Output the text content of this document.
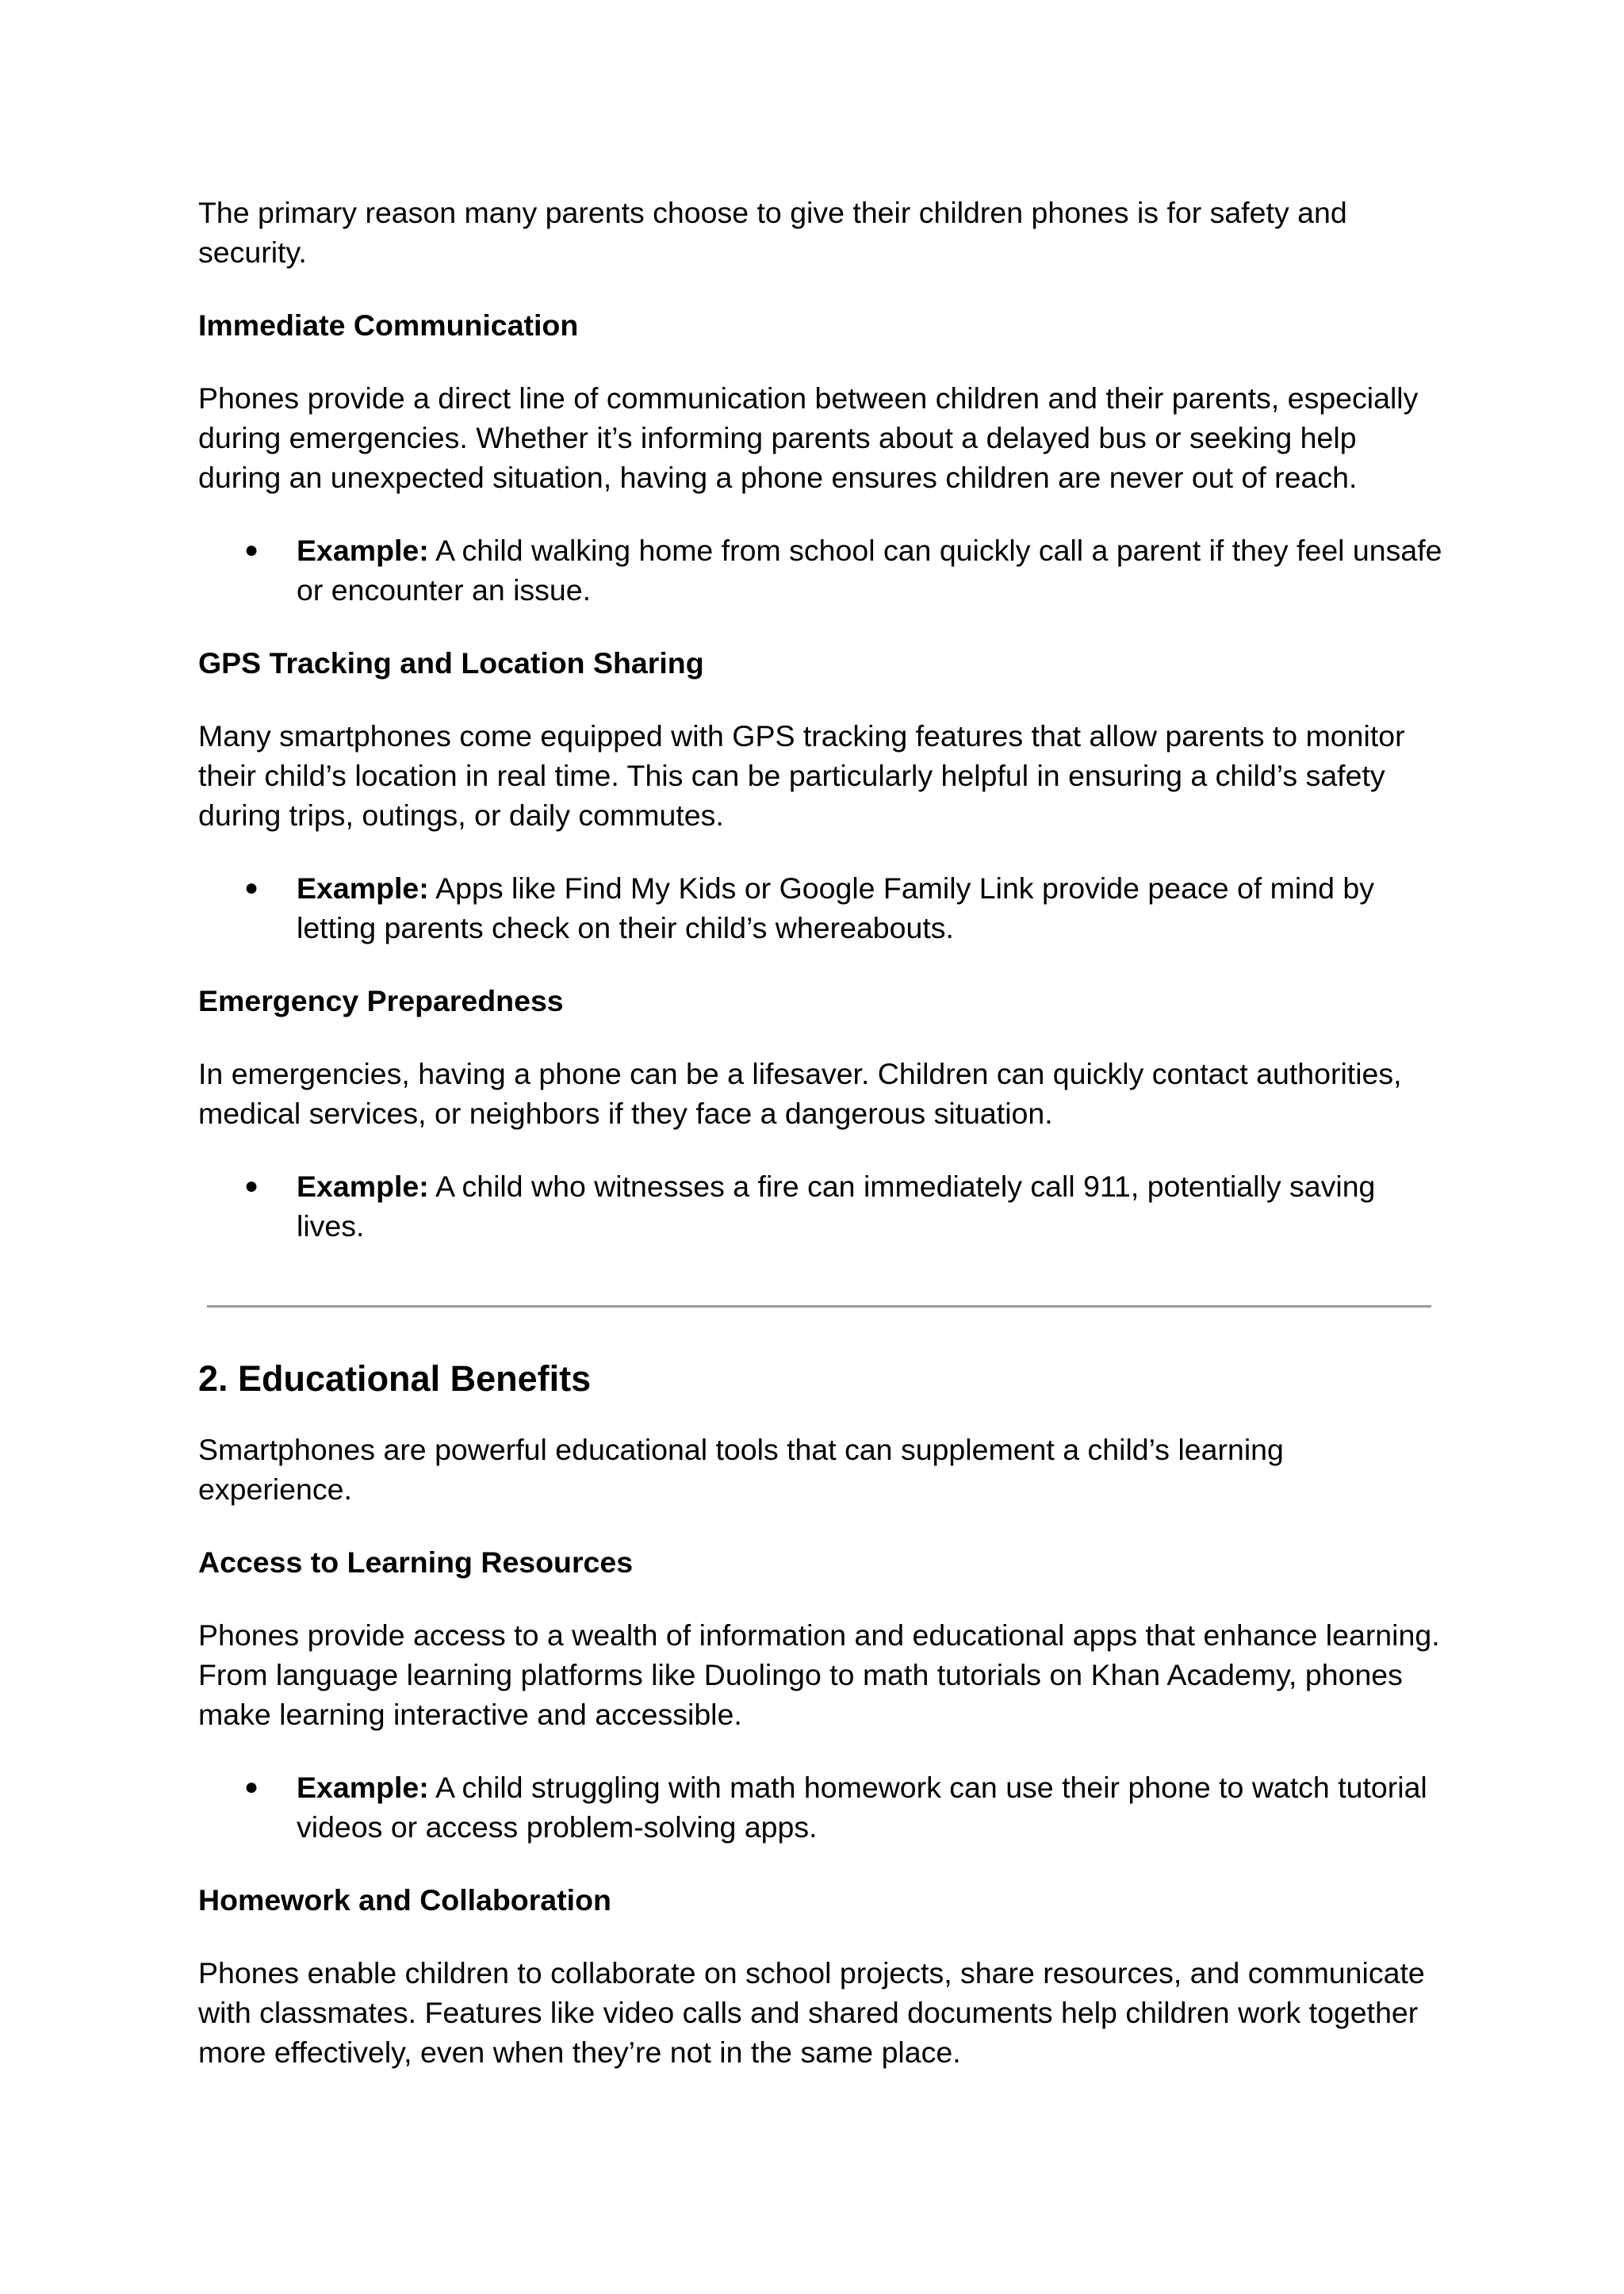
The primary reason many parents choose to give their children phones is for safety and security.

Immediate Communication

Phones provide a direct line of communication between children and their parents, especially during emergencies. Whether it’s informing parents about a delayed bus or seeking help during an unexpected situation, having a phone ensures children are never out of reach.

● Example: A child walking home from school can quickly call a parent if they feel unsafe or encounter an issue.
GPS Tracking and Location Sharing

Many smartphones come equipped with GPS tracking features that allow parents to monitor their child’s location in real time. This can be particularly helpful in ensuring a child’s safety during trips, outings, or daily commutes.

● Example: Apps like Find My Kids or Google Family Link provide peace of mind by letting parents check on their child’s whereabouts.
Emergency Preparedness

In emergencies, having a phone can be a lifesaver. Children can quickly contact authorities, medical services, or neighbors if they face a dangerous situation.

● Example: A child who witnesses a fire can immediately call 911, potentially saving lives.
2. Educational Benefits

Smartphones are powerful educational tools that can supplement a child’s learning experience.

Access to Learning Resources

Phones provide access to a wealth of information and educational apps that enhance learning. From language learning platforms like Duolingo to math tutorials on Khan Academy, phones make learning interactive and accessible.

● Example: A child struggling with math homework can use their phone to watch tutorial videos or access problem-solving apps.
Homework and Collaboration

Phones enable children to collaborate on school projects, share resources, and communicate with classmates. Features like video calls and shared documents help children work together more effectively, even when they’re not in the same place.
